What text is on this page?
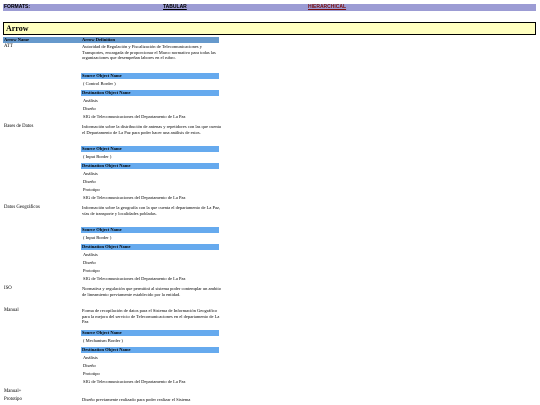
FORMATS:	TABULAR	HIERARCHICAL
Arrow
Arrow Name	Arrow Definition
ATT	Autoridad de Regulación y Fiscalización de Telecomunicaciones y Transportes, encargada de proporcionar el Marco normativo para todas las organizaciones que desempeñan labores en el rubro.
Source Object Name
( Control Border )
Destination Object Name
Análisis
Diseño
SIG de Telecomunicaciones del Departamento de La Paz
Bases de Datos	Información sobre la distribución de antenas y repetidores con las que cuenta el Departamento de La Paz para poder hacer una análisis de estos.
Source Object Name
( Input Border )
Destination Object Name
Análisis
Diseño
Prototipo
SIG de Telecomunicaciones del Departamento de La Paz
Datos Geográficos	Información sobre la geografía con la que cuenta el departamento de La Paz, vías de transporte y localidades pobladas.
Source Object Name
( Input Border )
Destination Object Name
Análisis
Diseño
Prototipo
SIG de Telecomunicaciones del Departamento de La Paz
ISO	Normativa y regulación que permitirá al sistema poder contemplar un ambito de lineamiento previamente establecido por la entidad.
Manual	Forma de recopilación de datos para el Sistema de Información Geográfico para la mejora del servicio de Telecomunicaciones en el departamento de La Paz
Source Object Name
( Mechanism Border )
Destination Object Name
Análisis
Diseño
Prototipo
SIG de Telecomunicaciones del Departamento de La Paz
Manual+
Prototipo	Diseño previamente realizado para poder realizar el Sistema
